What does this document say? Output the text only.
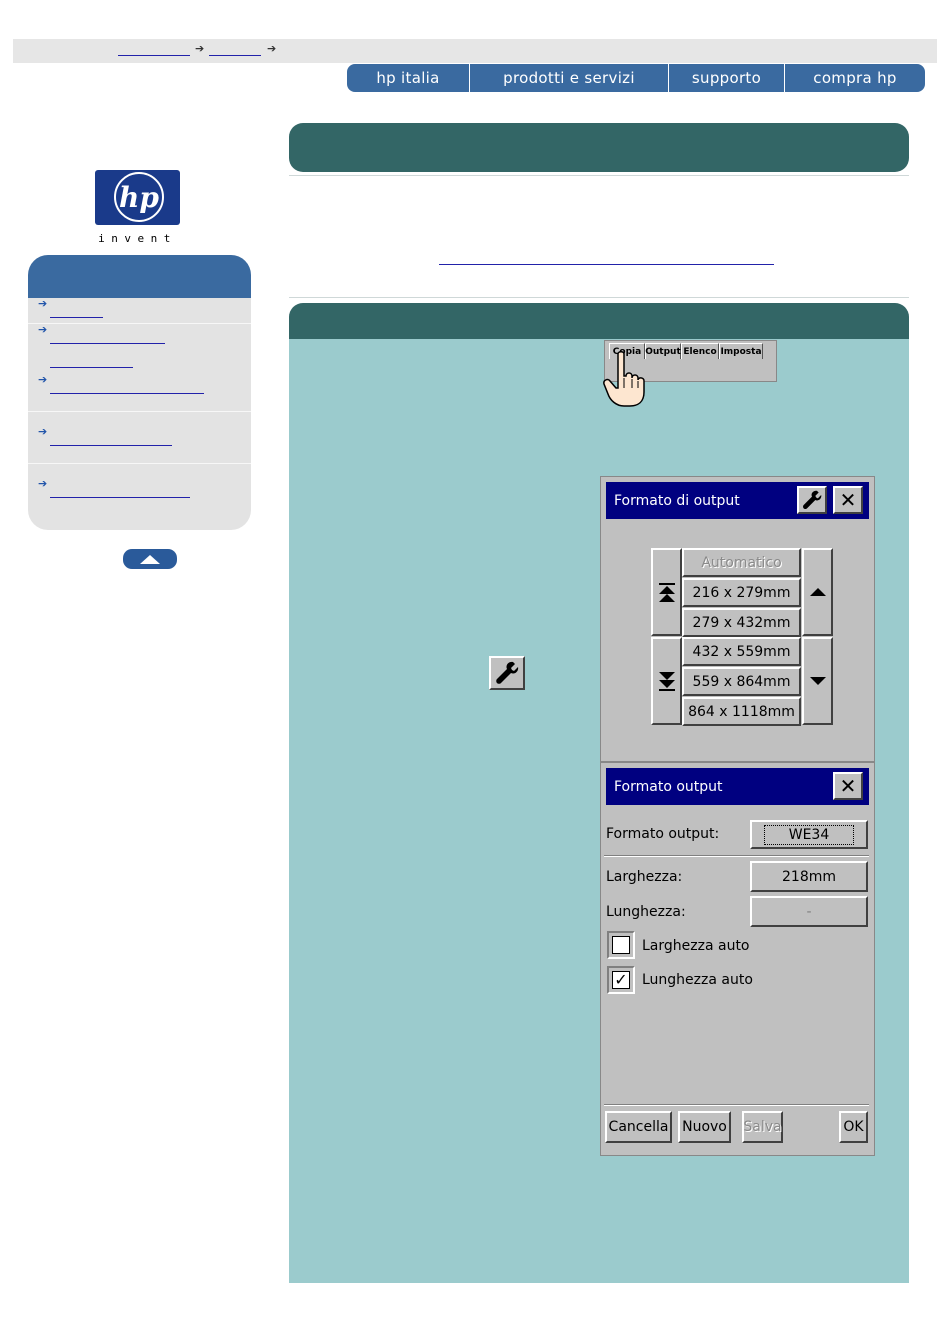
➔	➔
hp italia	prodotti e servizi	supporto	compra hp
hp
invent
➔
➔
➔
➔
➔
Copia Output Elenco Imposta
Formato di output	✕
Automatico
216 x 279mm
279 x 432mm
432 x 559mm
559 x 864mm
864 x 1118mm
Formato output	✕
Formato output:	WE34
Larghezza:	218mm
Lunghezza:	-
Larghezza auto
✓ Lunghezza auto
Cancella Nuovo Salva	OK
